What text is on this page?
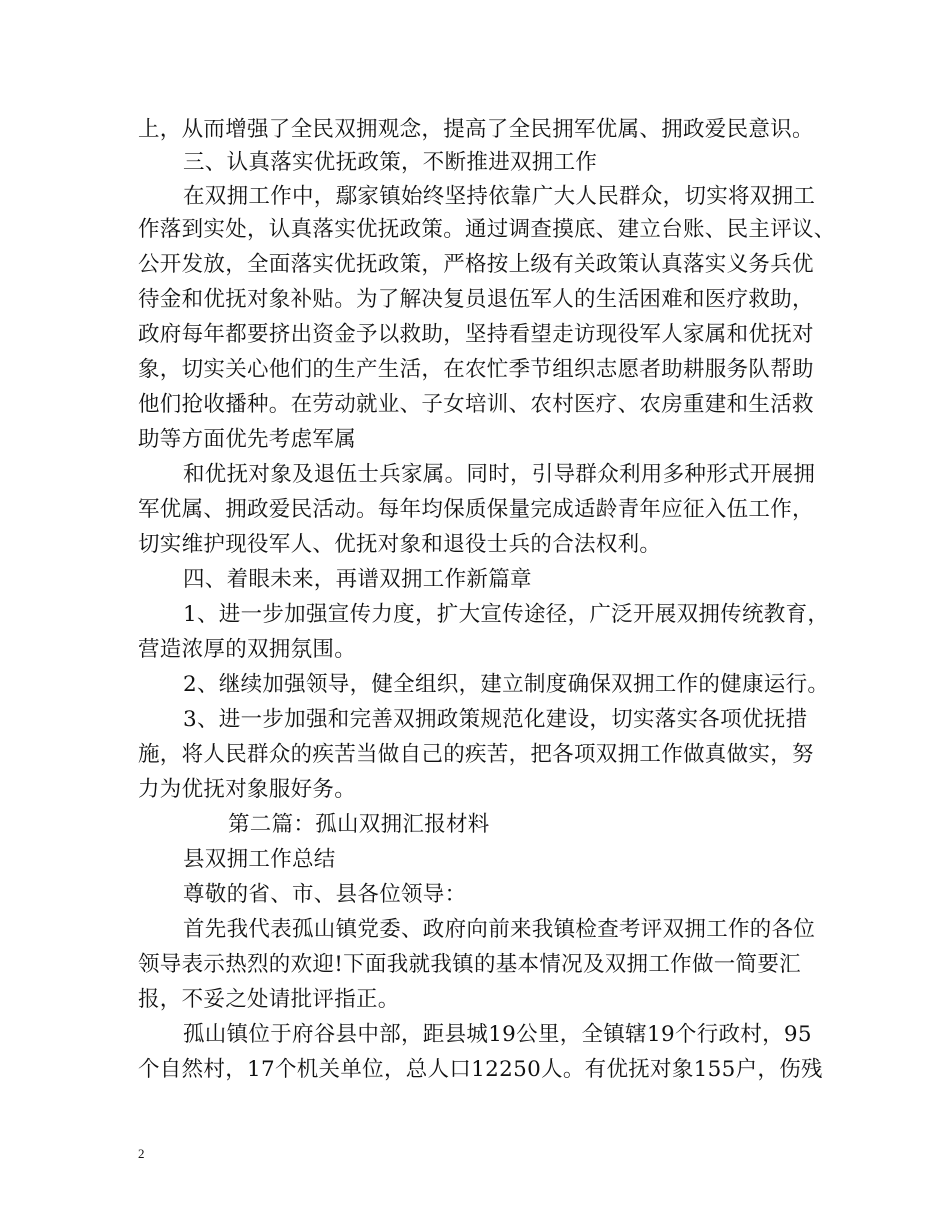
上，从而增强了全民双拥观念，提高了全民拥军优属、拥政爱民意识。
三、认真落实优抚政策，不断推进双拥工作
在双拥工作中，鄢家镇始终坚持依靠广大人民群众，切实将双拥工
作落到实处，认真落实优抚政策。通过调查摸底、建立台账、民主评议、
公开发放，全面落实优抚政策，严格按上级有关政策认真落实义务兵优
待金和优抚对象补贴。为了解决复员退伍军人的生活困难和医疗救助，
政府每年都要挤出资金予以救助，坚持看望走访现役军人家属和优抚对
象，切实关心他们的生产生活，在农忙季节组织志愿者助耕服务队帮助
他们抢收播种。在劳动就业、子女培训、农村医疗、农房重建和生活救
助等方面优先考虑军属
和优抚对象及退伍士兵家属。同时，引导群众利用多种形式开展拥
军优属、拥政爱民活动。每年均保质保量完成适龄青年应征入伍工作，
切实维护现役军人、优抚对象和退役士兵的合法权利。
四、着眼未来，再谱双拥工作新篇章
1、进一步加强宣传力度，扩大宣传途径，广泛开展双拥传统教育，
营造浓厚的双拥氛围。
2、继续加强领导，健全组织，建立制度确保双拥工作的健康运行。
3、进一步加强和完善双拥政策规范化建设，切实落实各项优抚措
施，将人民群众的疾苦当做自己的疾苦，把各项双拥工作做真做实，努
力为优抚对象服好务。
第二篇：孤山双拥汇报材料
县双拥工作总结
尊敬的省、市、县各位领导：
首先我代表孤山镇党委、政府向前来我镇检查考评双拥工作的各位
领导表示热烈的欢迎!下面我就我镇的基本情况及双拥工作做一简要汇
报，不妥之处请批评指正。
孤山镇位于府谷县中部，距县城19公里，全镇辖19个行政村，95
个自然村，17个机关单位，总人口12250人。有优抚对象155户，伤残
2
